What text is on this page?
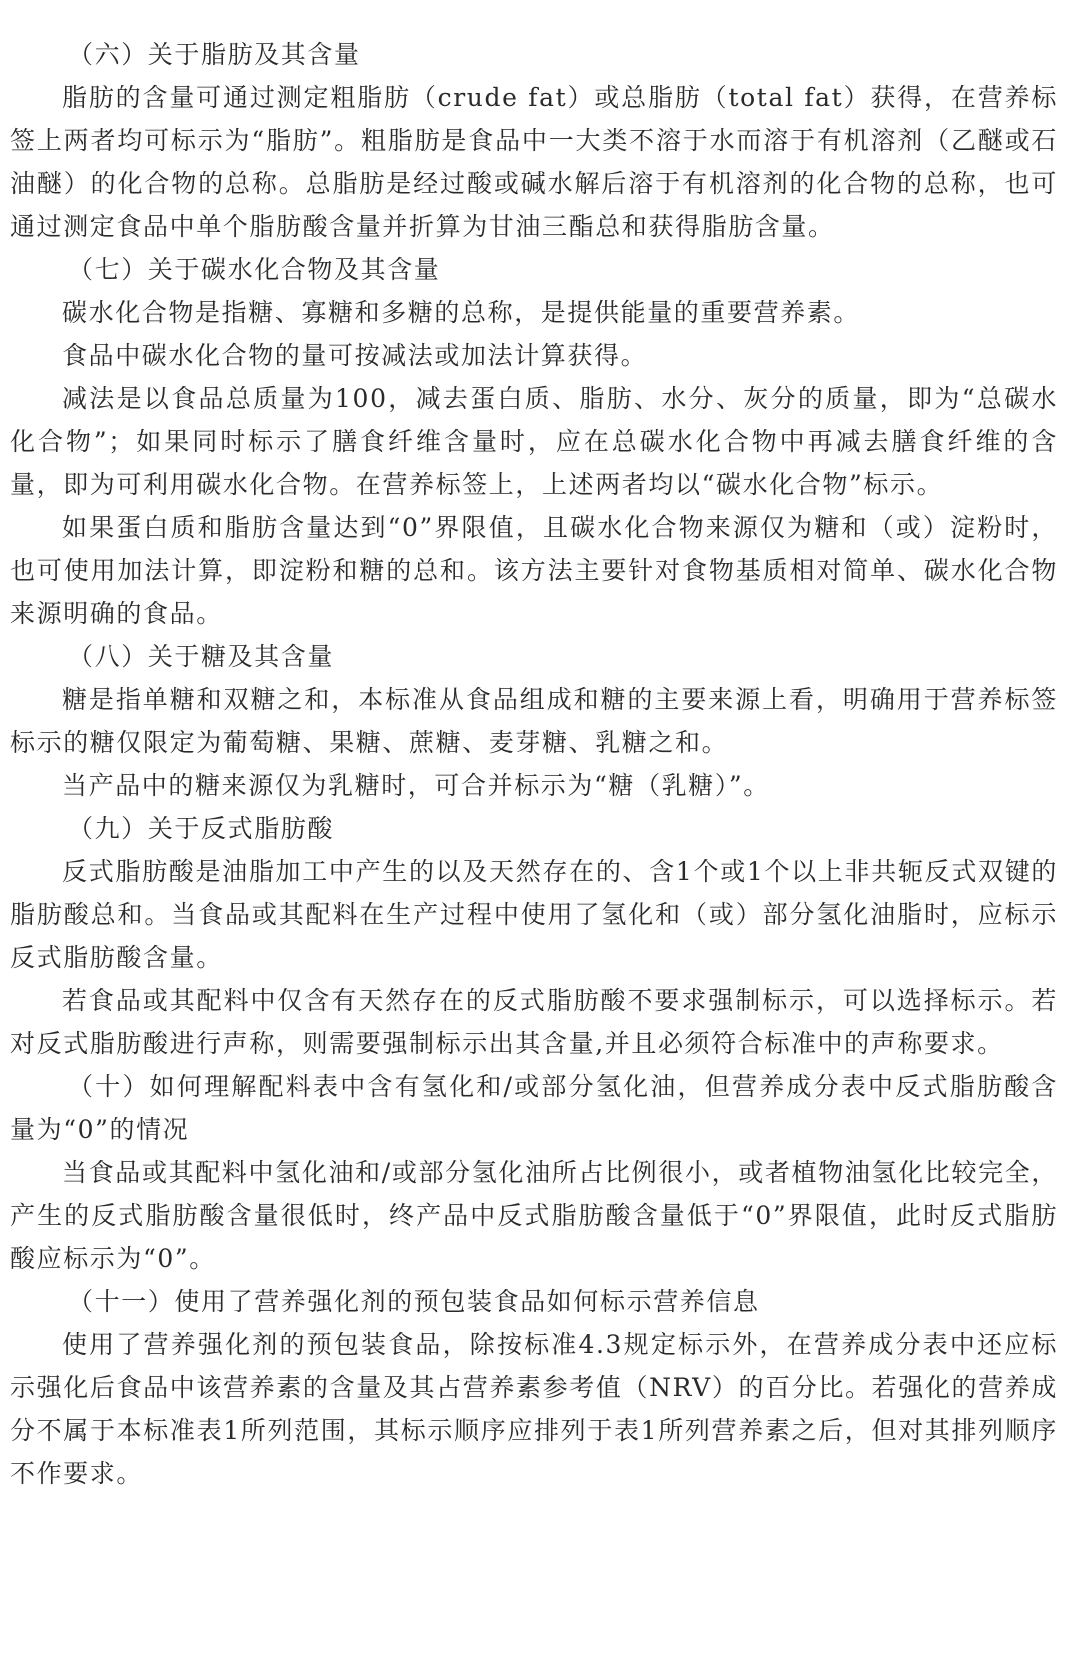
（六）关于脂肪及其含量

脂肪的含量可通过测定粗脂肪（crude fat）或总脂肪（total fat）获得，在营养标签上两者均可标示为“脂肪”。粗脂肪是食品中一大类不溶于水而溶于有机溶剂（乙醚或石油醚）的化合物的总称。总脂肪是经过酸或碱水解后溶于有机溶剂的化合物的总称，也可通过测定食品中单个脂肪酸含量并折算为甘油三酯总和获得脂肪含量。

（七）关于碳水化合物及其含量

碳水化合物是指糖、寡糖和多糖的总称，是提供能量的重要营养素。

食品中碳水化合物的量可按减法或加法计算获得。

减法是以食品总质量为100，减去蛋白质、脂肪、水分、灰分的质量，即为“总碳水化合物”；如果同时标示了膳食纤维含量时，应在总碳水化合物中再减去膳食纤维的含量，即为可利用碳水化合物。在营养标签上，上述两者均以“碳水化合物”标示。

如果蛋白质和脂肪含量达到“0”界限值，且碳水化合物来源仅为糖和（或）淀粉时，也可使用加法计算，即淀粉和糖的总和。该方法主要针对食物基质相对简单、碳水化合物来源明确的食品。

（八）关于糖及其含量

糖是指单糖和双糖之和，本标准从食品组成和糖的主要来源上看，明确用于营养标签标示的糖仅限定为葡萄糖、果糖、蔗糖、麦芽糖、乳糖之和。

当产品中的糖来源仅为乳糖时，可合并标示为“糖（乳糖）”。

（九）关于反式脂肪酸

反式脂肪酸是油脂加工中产生的以及天然存在的、含1个或1个以上非共轭反式双键的脂肪酸总和。当食品或其配料在生产过程中使用了氢化和（或）部分氢化油脂时，应标示反式脂肪酸含量。

若食品或其配料中仅含有天然存在的反式脂肪酸不要求强制标示，可以选择标示。若对反式脂肪酸进行声称，则需要强制标示出其含量,并且必须符合标准中的声称要求。

（十）如何理解配料表中含有氢化和/或部分氢化油，但营养成分表中反式脂肪酸含量为“0”的情况

当食品或其配料中氢化油和/或部分氢化油所占比例很小，或者植物油氢化比较完全，产生的反式脂肪酸含量很低时，终产品中反式脂肪酸含量低于“0”界限值，此时反式脂肪酸应标示为“0”。

（十一）使用了营养强化剂的预包装食品如何标示营养信息

使用了营养强化剂的预包装食品，除按标准4.3规定标示外，在营养成分表中还应标示强化后食品中该营养素的含量及其占营养素参考值（NRV）的百分比。若强化的营养成分不属于本标准表1所列范围，其标示顺序应排列于表1所列营养素之后，但对其排列顺序不作要求。
